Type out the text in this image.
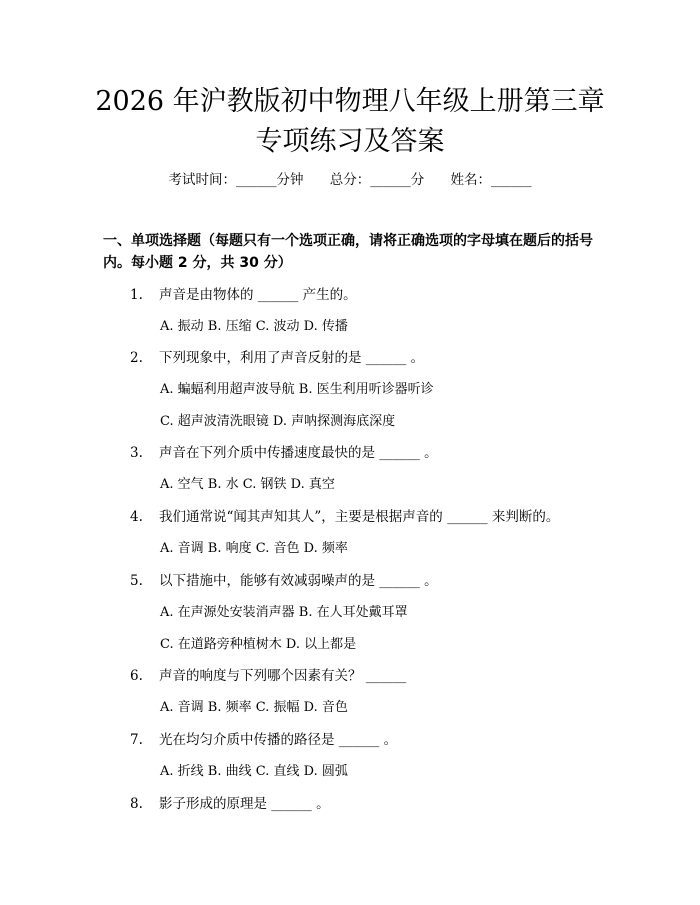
2026 年沪教版初中物理八年级上册第三章专项练习及答案
考试时间：______分钟 总分：______分 姓名：______
一、单项选择题（每题只有一个选项正确，请将正确选项的字母填在题后的括号内。每小题 2 分，共 30 分）
1. 声音是由物体的 ______ 产生的。
A. 振动 B. 压缩 C. 波动 D. 传播
2. 下列现象中，利用了声音反射的是 ______ 。
A. 蝙蝠利用超声波导航 B. 医生利用听诊器听诊
C. 超声波清洗眼镜 D. 声呐探测海底深度
3. 声音在下列介质中传播速度最快的是 ______ 。
A. 空气 B. 水 C. 钢铁 D. 真空
4. 我们通常说“闻其声知其人”，主要是根据声音的 ______ 来判断的。
A. 音调 B. 响度 C. 音色 D. 频率
5. 以下措施中，能够有效减弱噪声的是 ______ 。
A. 在声源处安装消声器 B. 在人耳处戴耳罩
C. 在道路旁种植树木 D. 以上都是
6. 声音的响度与下列哪个因素有关？ ______
A. 音调 B. 频率 C. 振幅 D. 音色
7. 光在均匀介质中传播的路径是 ______ 。
A. 折线 B. 曲线 C. 直线 D. 圆弧
8. 影子形成的原理是 ______ 。
